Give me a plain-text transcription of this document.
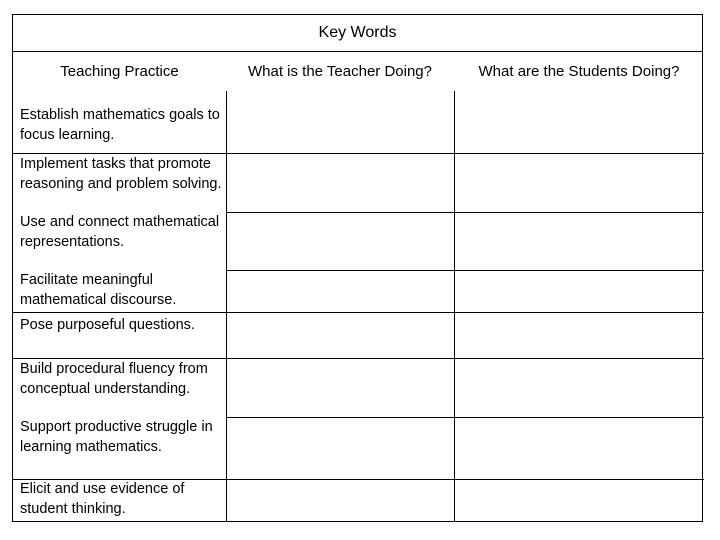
Key Words
Teaching Practice	What is the Teacher Doing?	What are the Students Doing?
Establish mathematics goals to focus learning.
Implement tasks that promote reasoning and problem solving.
Use and connect mathematical representations.
Facilitate meaningful mathematical discourse.
Pose purposeful questions.
Build procedural fluency from conceptual understanding.
Support productive struggle in learning mathematics.
Elicit and use evidence of student thinking.
